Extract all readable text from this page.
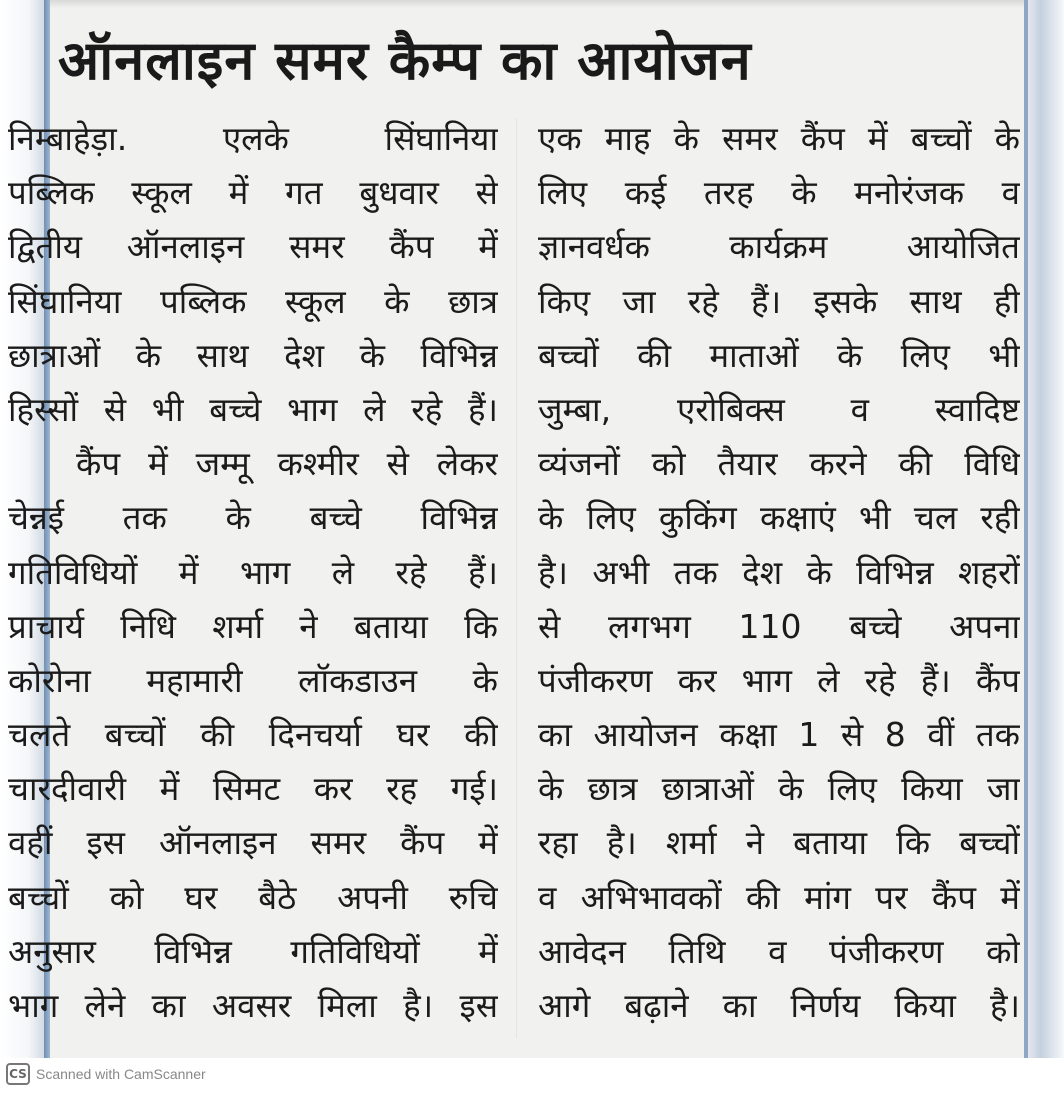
ऑनलाइन समर कैम्प का आयोजन
निम्बाहेड़ा. एलके सिंघानिया
पब्लिक स्कूल में गत बुधवार से
द्वितीय ऑनलाइन समर कैंप में
सिंघानिया पब्लिक स्कूल के छात्र
छात्राओं के साथ देश के विभिन्न
हिस्सों से भी बच्चे भाग ले रहे हैं।
कैंप में जम्मू कश्मीर से लेकर
चेन्नई तक के बच्चे विभिन्न
गतिविधियों में भाग ले रहे हैं।
प्राचार्य निधि शर्मा ने बताया कि
कोरोना महामारी लॉकडाउन के
चलते बच्चों की दिनचर्या घर की
चारदीवारी में सिमट कर रह गई।
वहीं इस ऑनलाइन समर कैंप में
बच्चों को घर बैठे अपनी रुचि
अनुसार विभिन्न गतिविधियों में
भाग लेने का अवसर मिला है। इस
एक माह के समर कैंप में बच्चों के
लिए कई तरह के मनोरंजक व
ज्ञानवर्धक कार्यक्रम आयोजित
किए जा रहे हैं। इसके साथ ही
बच्चों की माताओं के लिए भी
जुम्बा, एरोबिक्स व स्वादिष्ट
व्यंजनों को तैयार करने की विधि
के लिए कुकिंग कक्षाएं भी चल रही
है। अभी तक देश के विभिन्न शहरों
से लगभग 110 बच्चे अपना
पंजीकरण कर भाग ले रहे हैं। कैंप
का आयोजन कक्षा 1 से 8 वीं तक
के छात्र छात्राओं के लिए किया जा
रहा है। शर्मा ने बताया कि बच्चों
व अभिभावकों की मांग पर कैंप में
आवेदन तिथि व पंजीकरण को
आगे बढ़ाने का निर्णय किया है।
CS Scanned with CamScanner
